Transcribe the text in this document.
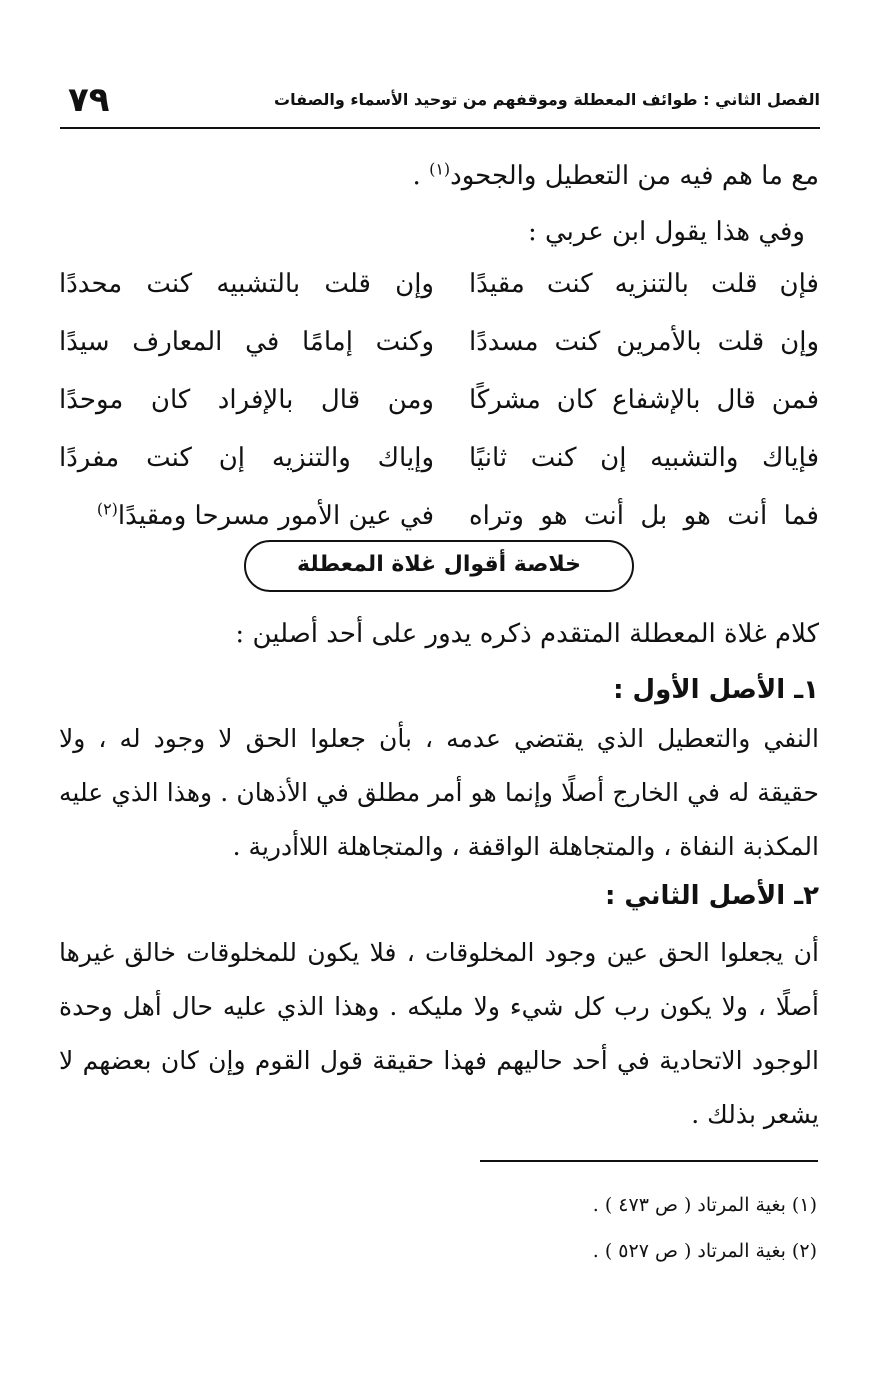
٧٩	الفصل الثاني : طوائف المعطلة وموقفهم من توحيد الأسماء والصفات
مع ما هم فيه من التعطيل والجحود$^{(١)}$ .
وفي هذا يقول ابن عربي :
فإن قلت بالتنزيه كنت مقيدًا
وإن قلت بالتشبيه كنت محددًا
وإن قلت بالأمرين كنت مسددًا
وكنت إمامًا في المعارف سيدًا
فمن قال بالإشفاع كان مشركًا
ومن قال بالإفراد كان موحدًا
فإياك والتشبيه إن كنت ثانيًا
وإياك والتنزيه إن كنت مفردًا
فما أنت هو بل أنت هو وتراه
في عين الأمور مسرحا ومقيدًا$^{(٢)}$
خلاصة أقوال غلاة المعطلة
كلام غلاة المعطلة المتقدم ذكره يدور على أحد أصلين :
١ـ الأصل الأول :
النفي والتعطيل الذي يقتضي عدمه ، بأن جعلوا الحق لا وجود له ، ولا
حقيقة له في الخارج أصلًا وإنما هو أمر مطلق في الأذهان . وهذا الذي عليه
المكذبة النفاة ، والمتجاهلة الواقفة ، والمتجاهلة اللاأدرية .
٢ـ الأصل الثاني :
أن يجعلوا الحق عين وجود المخلوقات ، فلا يكون للمخلوقات خالق غيرها
أصلًا ، ولا يكون رب كل شيء ولا مليكه . وهذا الذي عليه حال أهل وحدة
الوجود الاتحادية في أحد حاليهم فهذا حقيقة قول القوم وإن كان بعضهم لا
يشعر بذلك .
(١) بغية المرتاد ( ص ٤٧٣ ) .
(٢) بغية المرتاد ( ص ٥٢٧ ) .
